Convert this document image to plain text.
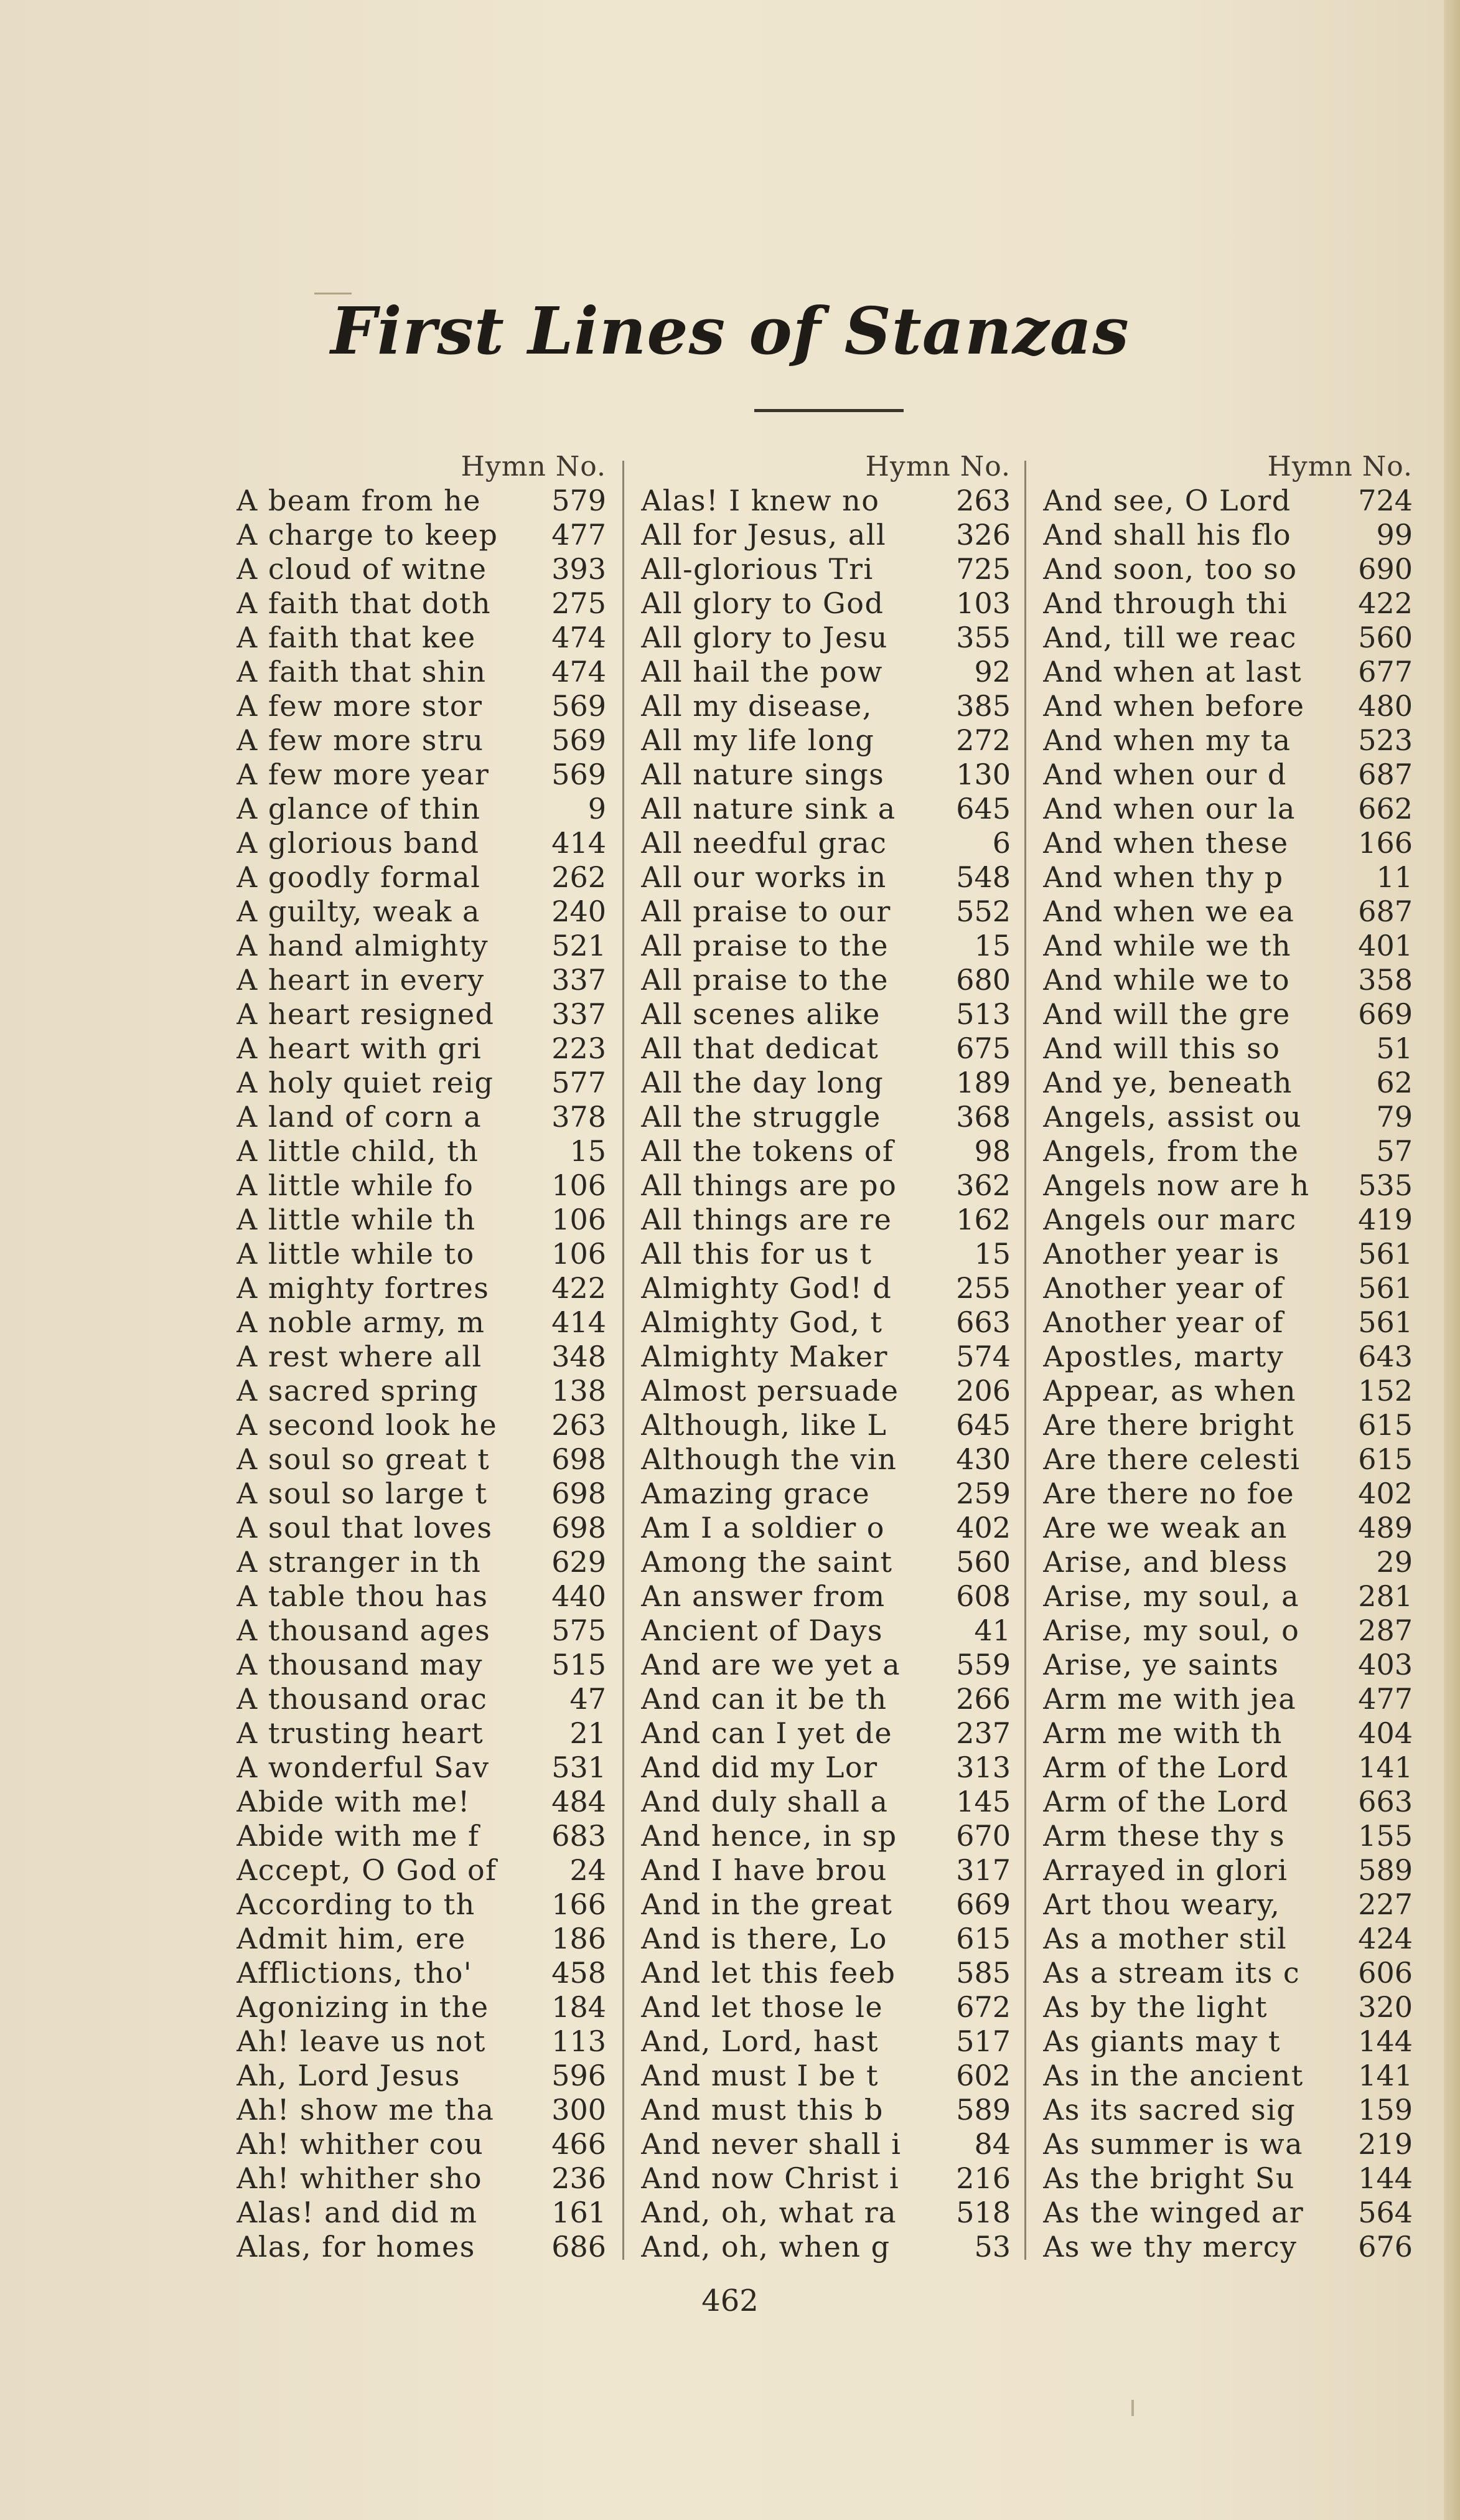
First Lines of Stanzas
Hymn No.
A beam from he 579
A charge to keep 477
A cloud of witne 393
A faith that doth 275
A faith that kee	474
A faith that shin 474
A few more stor 569
A few more stru 569
A few more year 569
A glance of thin	9
A glorious band	414
A goodly formal 262
A guilty, weak a 240
A hand almighty 521
A heart in every 337
A heart resigned 337
A heart with gri 223
A holy quiet reig 577
A land of corn a 378
A little child, th	15
A little while fo	106
A little while th	106
A little while to	106
A mighty fortres 422
A noble army, m 414
A rest where all 348
A sacred spring	138
A second look he 263
A soul so great t 698
A soul so large t 698
A soul that loves 698
A stranger in th 629
A table thou has 440
A thousand ages 575
A thousand may 515
A thousand orac	47
A trusting heart	21
A wonderful Sav 531
Abide with me!	484
Abide with me f	683
Accept, O God of	24
According to th	166
Admit him, ere	186
Afflictions, tho'	458
Agonizing in the 184
Ah! leave us not 113
Ah, Lord Jesus	596
Ah! show me tha 300
Ah! whither cou 466
Ah! whither sho 236
Alas! and did m	161
Alas, for homes	686
Hymn No.
Alas! I knew no	263
All for Jesus, all 326
All-glorious Tri	725
All glory to God	103
All glory to Jesu 355
All hail the pow	92
All my disease,	385
All my life long	272
All nature sings 130
All nature sink a 645
All needful grac	6
All our works in 548
All praise to our 552
All praise to the	15
All praise to the 680
All scenes alike	513
All that dedicat	675
All the day long	189
All the struggle	368
All the tokens of	98
All things are po 362
All things are re 162
All this for us t	15
Almighty God! d 255
Almighty God, t	663
Almighty Maker 574
Almost persuade 206
Although, like L 645
Although the vin 430
Amazing grace	259
Am I a soldier o 402
Among the saint 560
An answer from 608
Ancient of Days	41
And are we yet a 559
And can it be th 266
And can I yet de 237
And did my Lor	313
And duly shall a 145
And hence, in sp 670
And I have brou 317
And in the great 669
And is there, Lo 615
And let this feeb 585
And let those le	672
And, Lord, hast	517
And must I be t	602
And must this b	589
And never shall i	84
And now Christ i 216
And, oh, what ra 518
And, oh, when g	53
Hymn No.
And see, O Lord 724
And shall his flo	99
And soon, too so 690
And through thi 422
And, till we reac 560
And when at last 677
And when before 480
And when my ta 523
And when our d 687
And when our la 662
And when these 166
And when thy p	11
And when we ea 687
And while we th 401
And while we to 358
And will the gre 669
And will this so	51
And ye, beneath	62
Angels, assist ou	79
Angels, from the	57
Angels now are h 535
Angels our marc 419
Another year is	561
Another year of	561
Another year of	561
Apostles, marty	643
Appear, as when 152
Are there bright 615
Are there celesti 615
Are there no foe 402
Are we weak an 489
Arise, and bless	29
Arise, my soul, a 281
Arise, my soul, o 287
Arise, ye saints	403
Arm me with jea 477
Arm me with th	404
Arm of the Lord 141
Arm of the Lord 663
Arm these thy s	155
Arrayed in glori 589
Art thou weary,	227
As a mother stil 424
As a stream its c 606
As by the light	320
As giants may t	144
As in the ancient 141
As its sacred sig 159
As summer is wa 219
As the bright Su 144
As the winged ar 564
As we thy mercy 676
462
